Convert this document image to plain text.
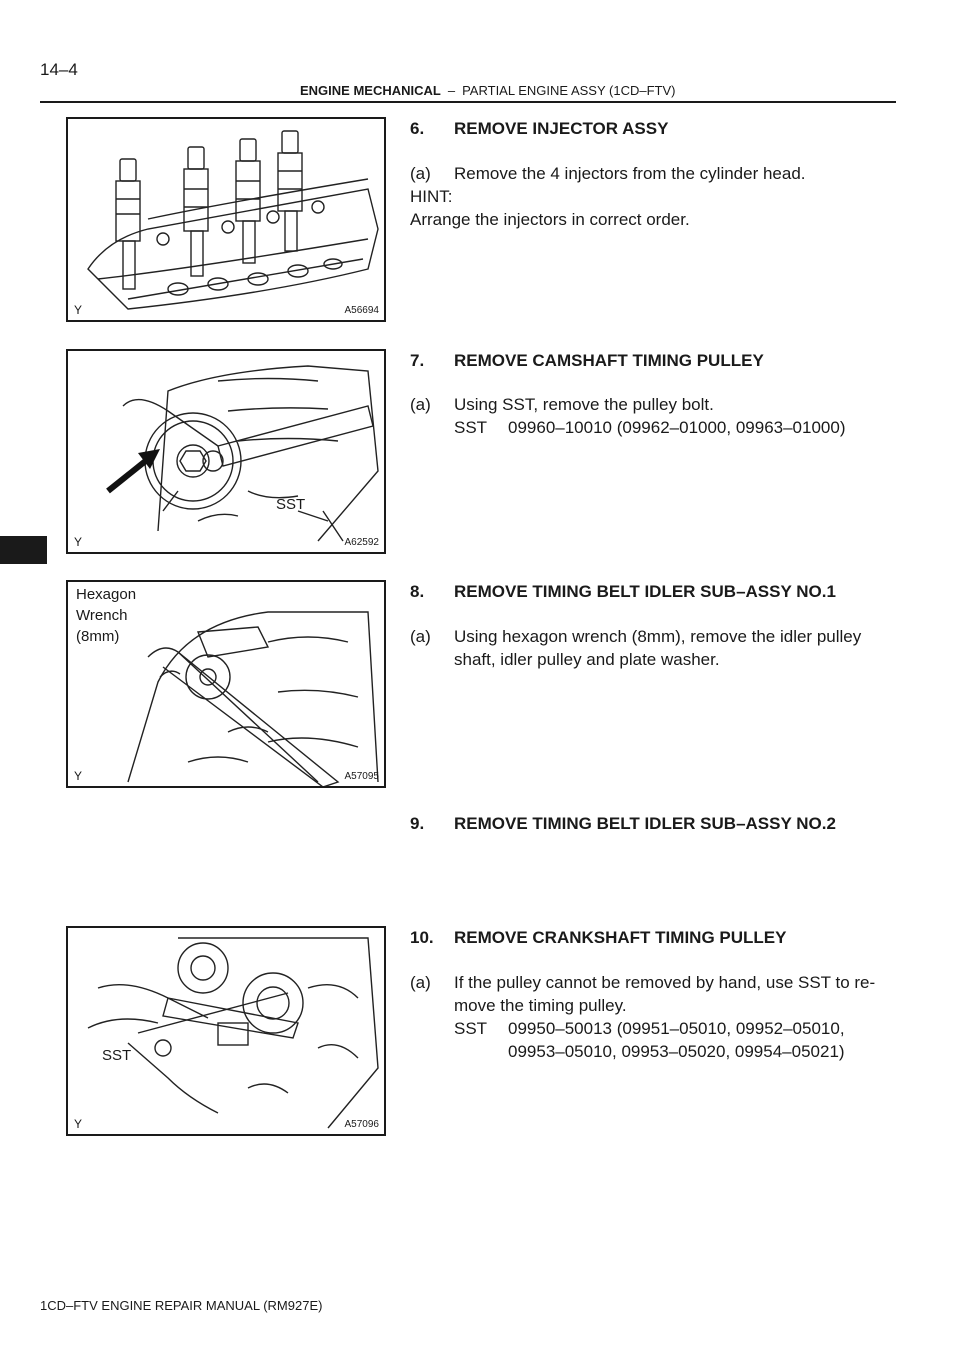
14–4
ENGINE MECHANICAL – PARTIAL ENGINE ASSY (1CD–FTV)
Y	A56694
SST
Y	A62592
Hexagon
Wrench
(8mm)
Y	A57095
SST
Y	A57096
6. REMOVE INJECTOR ASSY
(a) Remove the 4 injectors from the cylinder head.
HINT:
Arrange the injectors in correct order.
7. REMOVE CAMSHAFT TIMING PULLEY
(a) Using SST, remove the pulley bolt.
SST 09960–10010 (09962–01000, 09963–01000)
8. REMOVE TIMING BELT IDLER SUB–ASSY NO.1
(a) Using hexagon wrench (8mm), remove the idler pulley
shaft, idler pulley and plate washer.
9. REMOVE TIMING BELT IDLER SUB–ASSY NO.2
10. REMOVE CRANKSHAFT TIMING PULLEY
(a) If the pulley cannot be removed by hand, use SST to re-
move the timing pulley.
SST 09950–50013 (09951–05010, 09952–05010,
09953–05010, 09953–05020, 09954–05021)
1CD–FTV ENGINE REPAIR MANUAL (RM927E)
